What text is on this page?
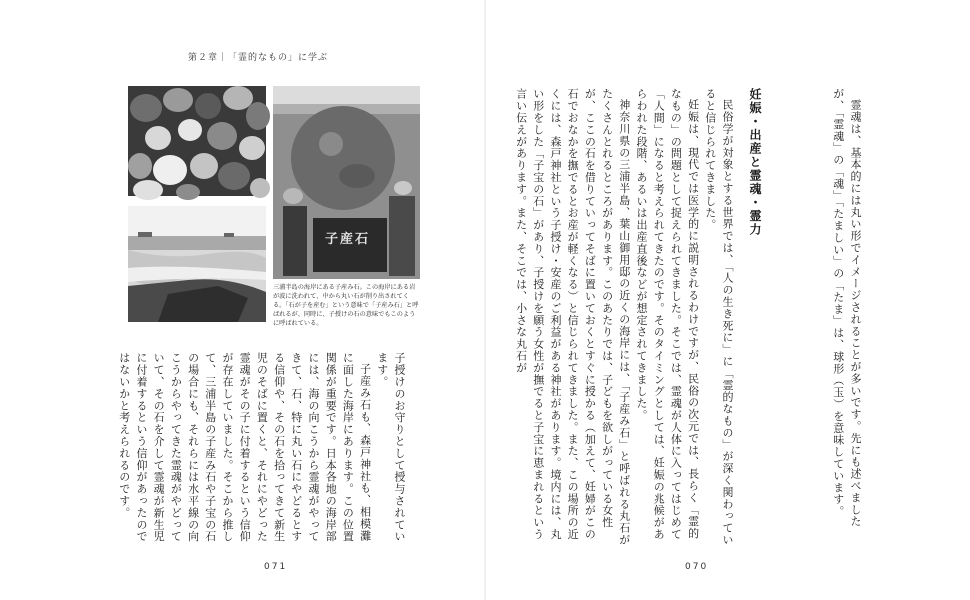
第２章｜「霊的なもの」に学ぶ
子産石
三浦半島の海岸にある子産み石。この海岸にある岩が波に洗われて、中から丸い石が削り出されてくる。「石が子を産む」という意味で「子産み石」と呼ばれるが、同時に、子授けの石の意味でもこのように呼ばれている。

子授けのお守りとして授与されています。

子産み石も、森戸神社も、相模灘に面した海岸にあります。この位置関係が重要です。日本各地の海岸部には、海の向こうから霊魂がやってきて、石、特に丸い石にやどるとする信仰や、その石を拾ってきて新生児のそばに置くと、それにやどった霊魂がその子に付着するという信仰が存在していました。そこから推して、三浦半島の子産み石や子宝の石の場合にも、それらには水平線の向こうからやってきた霊魂がやどっていて、その石を介して霊魂が新生児に付着するという信仰があったのではないかと考えられるのです。

071

霊魂は、基本的には丸い形でイメージされることが多いです。先にも述べましたが、「霊魂」の「魂」「たましい」の「たま」は、球形（玉）を意味しています。

妊娠・出産と霊魂・霊力

民俗学が対象とする世界では、「人の生き死に」に「霊的なもの」が深く関わっていると信じられてきました。

妊娠は、現代では医学的に説明されるわけですが、民俗の次元では、長らく「霊的なもの」の問題として捉えられてきました。そこでは、霊魂が人体に入ってはじめて「人間」になると考えられてきたのです。そのタイミングとしては、妊娠の兆候があらわれた段階、あるいは出産直後などが想定されてきました。

神奈川県の三浦半島、葉山御用邸の近くの海岸には、「子産み石」と呼ばれる丸石がたくさんとれるところがあります。このあたりでは、子どもを欲しがっている女性が、ここの石を借りていってそばに置いておくとすぐに授かる（加えて、妊婦がこの石でおなかを撫でるとお産が軽くなる）と信じられてきました。また、この場所の近くには、森戸神社という子授け・安産のご利益がある神社があります。境内には、丸い形をした「子宝の石」があり、子授けを願う女性が撫でると子宝に恵まれるという言い伝えがあります。また、そこでは、小さな丸石が

070
